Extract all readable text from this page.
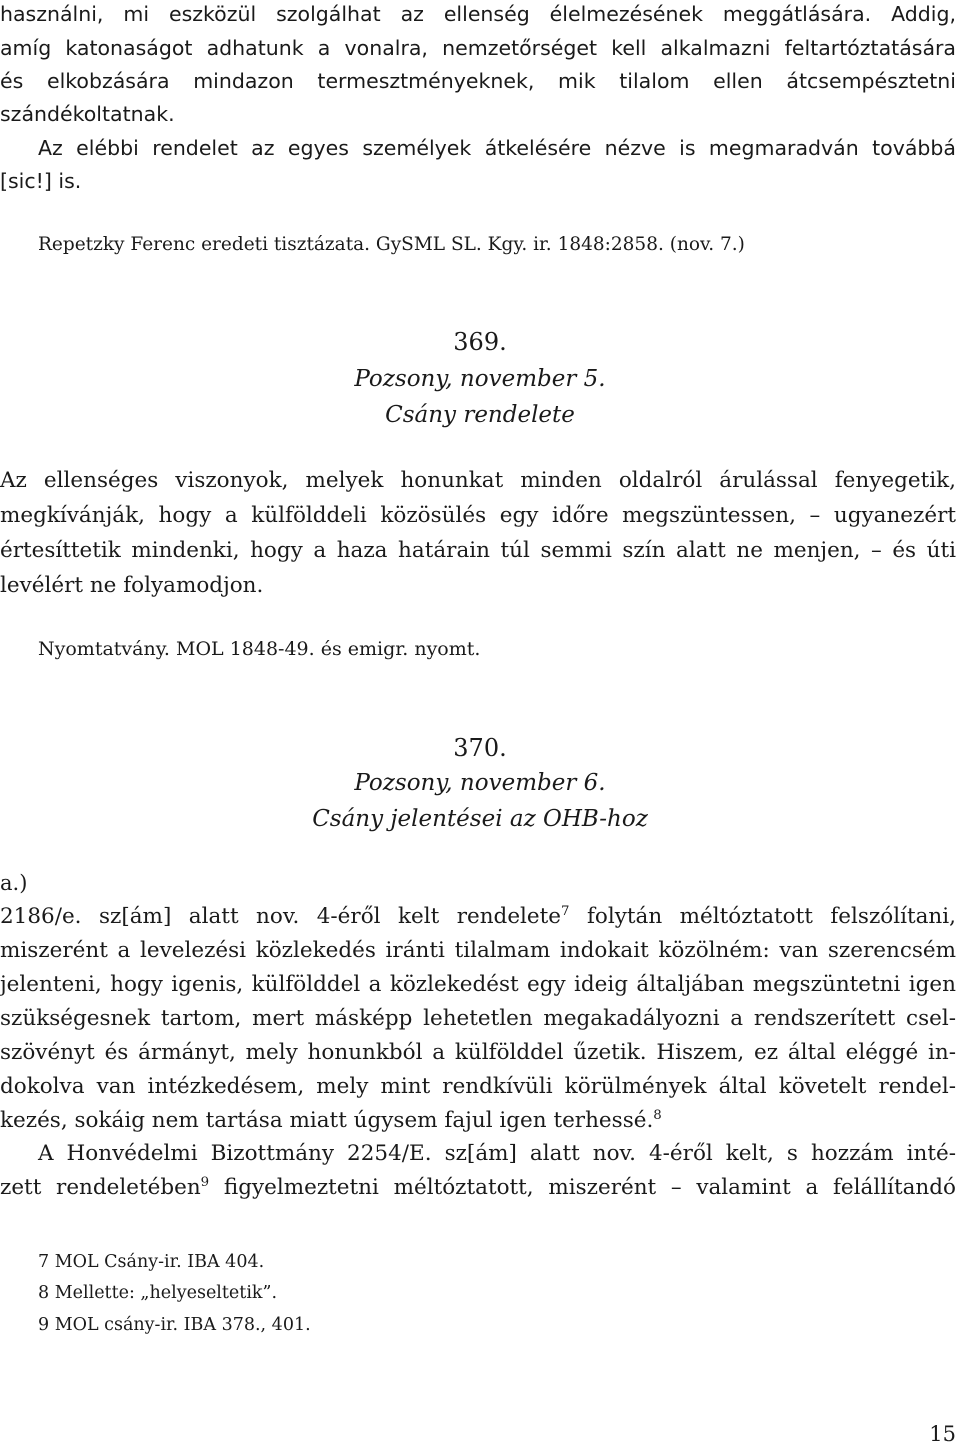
használni, mi eszközül szolgálhat az ellenség élelmezésének meggátlására. Addig,
amíg katonaságot adhatunk a vonalra, nemzetőrséget kell alkalmazni feltartóztatására
és elkobzására mindazon termesztményeknek, mik tilalom ellen átcsempésztetni
szándékoltatnak.
Az elébbi rendelet az egyes személyek átkelésére nézve is megmaradván továbbá
[sic!] is.
Repetzky Ferenc eredeti tisztázata. GySML SL. Kgy. ir. 1848:2858. (nov. 7.)
369.
Pozsony, november 5.
Csány rendelete
Az ellenséges viszonyok, melyek honunkat minden oldalról árulással fenyegetik,
megkívánják, hogy a külfölddeli közösülés egy időre megszüntessen, – ugyanezért
értesíttetik mindenki, hogy a haza határain túl semmi szín alatt ne menjen, – és úti
levélért ne folyamodjon.
Nyomtatvány. MOL 1848-49. és emigr. nyomt.
370.
Pozsony, november 6.
Csány jelentései az OHB-hoz
a.)
2186/e. sz[ám] alatt nov. 4-éről kelt rendelete$^7$ folytán méltóztatott felszólítani,
miszerént a levelezési közlekedés iránti tilalmam indokait közölném: van szerencsém
jelenteni, hogy igenis, külfölddel a közlekedést egy ideig általjában megszüntetni igen
szükségesnek tartom, mert másképp lehetetlen megakadályozni a rendszerített csel-
szövényt és ármányt, mely honunkból a külfölddel űzetik. Hiszem, ez által eléggé in-
dokolva van intézkedésem, mely mint rendkívüli körülmények által követelt rendel-
kezés, sokáig nem tartása miatt úgysem fajul igen terhessé.$^8$
A Honvédelmi Bizottmány 2254/E. sz[ám] alatt nov. 4-éről kelt, s hozzám inté-
zett rendeletében$^9$ figyelmeztetni méltóztatott, miszerént – valamint a felállítandó
7 MOL Csány-ir. IBA 404.
8 Mellette: „helyeseltetik”.
9 MOL csány-ir. IBA 378., 401.
15
